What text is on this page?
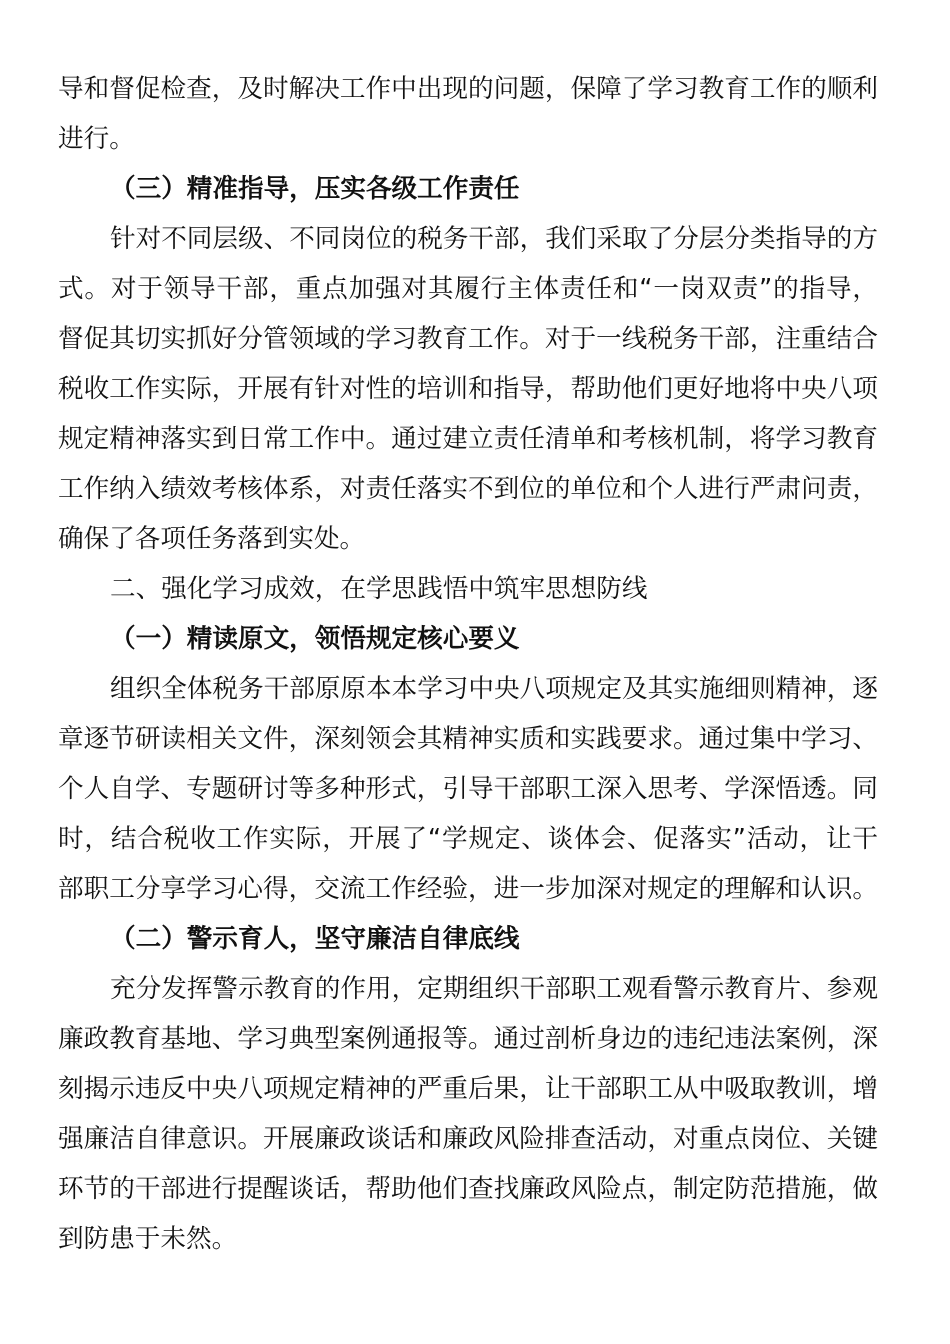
导和督促检查，及时解决工作中出现的问题，保障了学习教育工作的顺利
进行。
（三）精准指导，压实各级工作责任
针对不同层级、不同岗位的税务干部，我们采取了分层分类指导的方
式。对于领导干部，重点加强对其履行主体责任和“一岗双责”的指导，
督促其切实抓好分管领域的学习教育工作。对于一线税务干部，注重结合
税收工作实际，开展有针对性的培训和指导，帮助他们更好地将中央八项
规定精神落实到日常工作中。通过建立责任清单和考核机制，将学习教育
工作纳入绩效考核体系，对责任落实不到位的单位和个人进行严肃问责，
确保了各项任务落到实处。
二、强化学习成效，在学思践悟中筑牢思想防线
（一）精读原文，领悟规定核心要义
组织全体税务干部原原本本学习中央八项规定及其实施细则精神，逐
章逐节研读相关文件，深刻领会其精神实质和实践要求。通过集中学习、
个人自学、专题研讨等多种形式，引导干部职工深入思考、学深悟透。同
时，结合税收工作实际，开展了“学规定、谈体会、促落实”活动，让干
部职工分享学习心得，交流工作经验，进一步加深对规定的理解和认识。
（二）警示育人，坚守廉洁自律底线
充分发挥警示教育的作用，定期组织干部职工观看警示教育片、参观
廉政教育基地、学习典型案例通报等。通过剖析身边的违纪违法案例，深
刻揭示违反中央八项规定精神的严重后果，让干部职工从中吸取教训，增
强廉洁自律意识。开展廉政谈话和廉政风险排查活动，对重点岗位、关键
环节的干部进行提醒谈话，帮助他们查找廉政风险点，制定防范措施，做
到防患于未然。
